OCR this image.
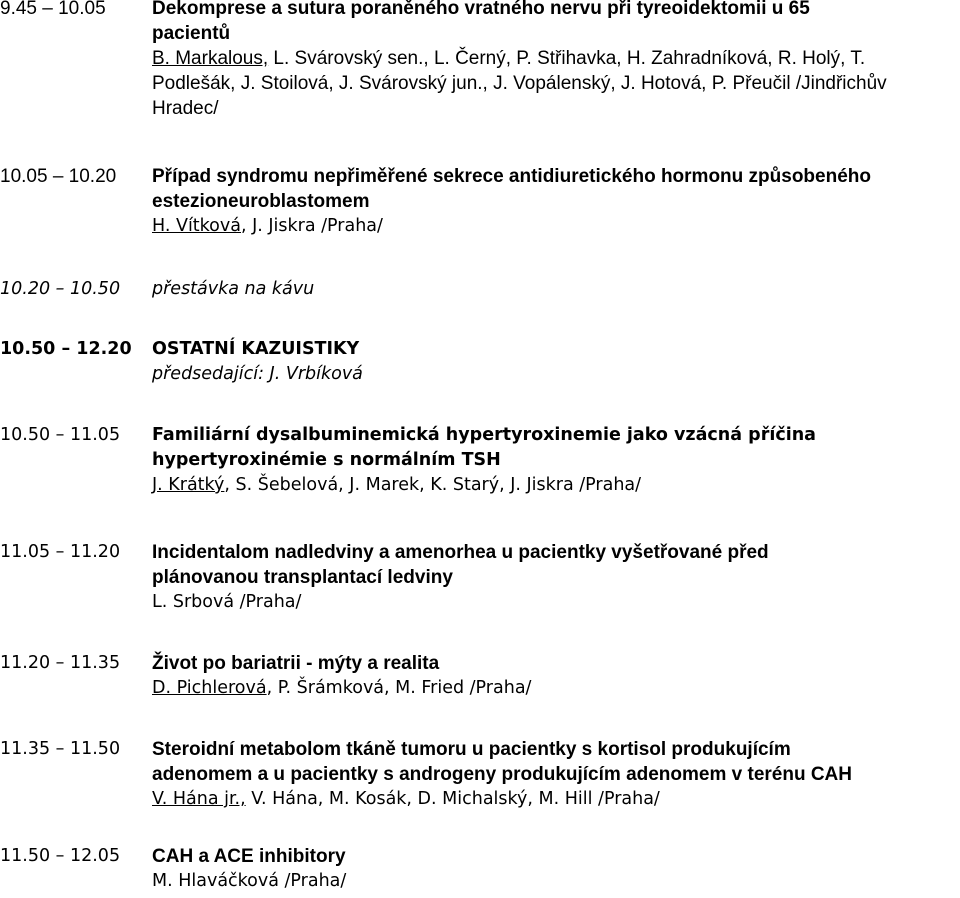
9.45 – 10.05 Dekomprese a sutura poraněného vratného nervu při tyreoidektomii u 65
pacientů
B. Markalous, L. Svárovský sen., L. Černý, P. Střihavka, H. Zahradníková, R. Holý, T.
Podlešák, J. Stoilová, J. Svárovský jun., J. Vopálenský, J. Hotová, P. Přeučil /Jindřichův
Hradec/
10.05 – 10.20 Případ syndromu nepřiměřené sekrece antidiuretického hormonu způsobeného
estezioneuroblastomem
H. Vítková, J. Jiskra /Praha/
10.20 – 10.50 přestávka na kávu
10.50 – 12.20 OSTATNÍ KAZUISTIKY
předsedající: J. Vrbíková
10.50 – 11.05 Familiární dysalbuminemická hypertyroxinemie jako vzácná příčina
hypertyroxinémie s normálním TSH
J. Krátký, S. Šebelová, J. Marek, K. Starý, J. Jiskra /Praha/
11.05 – 11.20 Incidentalom nadledviny a amenorhea u pacientky vyšetřované před
plánovanou transplantací ledviny
L. Srbová /Praha/
11.20 – 11.35 Život po bariatrii - mýty a realita
D. Pichlerová, P. Šrámková, M. Fried /Praha/
11.35 – 11.50 Steroidní metabolom tkáně tumoru u pacientky s kortisol produkujícím
adenomem a u pacientky s androgeny produkujícím adenomem v terénu CAH
V. Hána jr., V. Hána, M. Kosák, D. Michalský, M. Hill /Praha/
11.50 – 12.05 CAH a ACE inhibitory
M. Hlaváčková /Praha/
